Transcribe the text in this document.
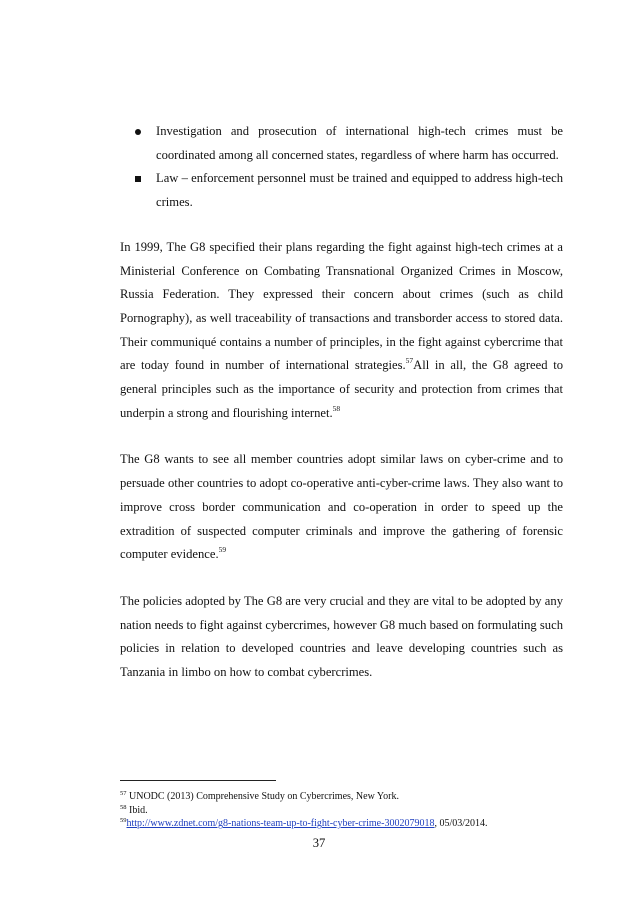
Investigation and prosecution of international high-tech crimes must be coordinated among all concerned states, regardless of where harm has occurred.
Law – enforcement personnel must be trained and equipped to address high-tech crimes.

In 1999, The G8 specified their plans regarding the fight against high-tech crimes at a Ministerial Conference on Combating Transnational Organized Crimes in Moscow, Russia Federation. They expressed their concern about crimes (such as child Pornography), as well traceability of transactions and transborder access to stored data. Their communiqué contains a number of principles, in the fight against cybercrime that are today found in number of international strategies.$^{57}$All in all, the G8 agreed to general principles such as the importance of security and protection from crimes that underpin a strong and flourishing internet.$^{58}$

The G8 wants to see all member countries adopt similar laws on cyber-crime and to persuade other countries to adopt co-operative anti-cyber-crime laws. They also want to improve cross border communication and co-operation in order to speed up the extradition of suspected computer criminals and improve the gathering of forensic computer evidence.$^{59}$

The policies adopted by The G8 are very crucial and they are vital to be adopted by any nation needs to fight against cybercrimes, however G8 much based on formulating such policies in relation to developed countries and leave developing countries such as Tanzania in limbo on how to combat cybercrimes.

$^{57}$ UNODC (2013) Comprehensive Study on Cybercrimes, New York.

$^{58}$ Ibid.

$^{59}$http://www.zdnet.com/g8-nations-team-up-to-fight-cyber-crime-3002079018, 05/03/2014.

37
